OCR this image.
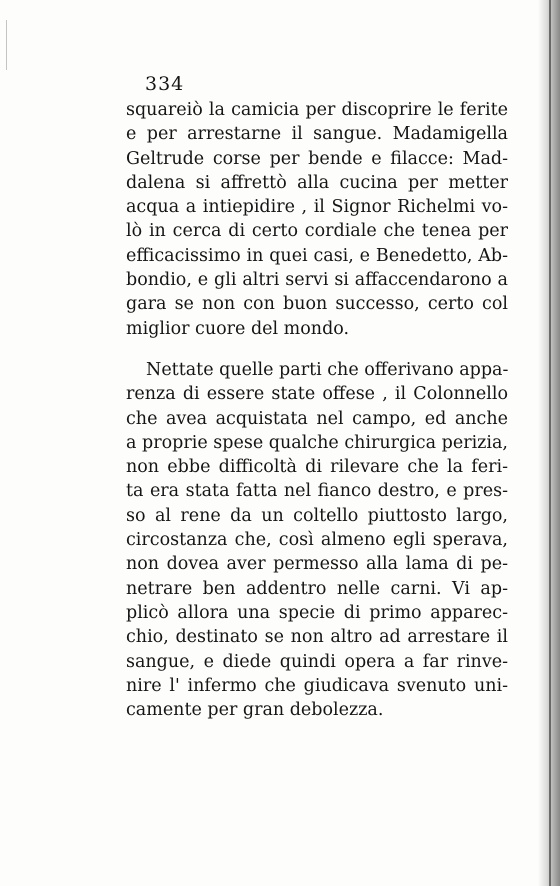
334
squareiò la camicia per discoprire le ferite
e per arrestarne il sangue. Madamigella
Geltrude corse per bende e filacce: Mad-
dalena si affrettò alla cucina per metter
acqua a intiepidire , il Signor Richelmi vo-
lò in cerca di certo cordiale che tenea per
efficacissimo in quei casi, e Benedetto, Ab-
bondio, e gli altri servi si affaccendarono a
gara se non con buon successo, certo col
miglior cuore del mondo.
Nettate quelle parti che offerivano appa-
renza di essere state offese , il Colonnello
che avea acquistata nel campo, ed anche
a proprie spese qualche chirurgica perizia,
non ebbe difficoltà di rilevare che la feri-
ta era stata fatta nel fianco destro, e pres-
so al rene da un coltello piuttosto largo,
circostanza che, così almeno egli sperava,
non dovea aver permesso alla lama di pe-
netrare ben addentro nelle carni. Vi ap-
plicò allora una specie di primo apparec-
chio, destinato se non altro ad arrestare il
sangue, e diede quindi opera a far rinve-
nire l' infermo che giudicava svenuto uni-
camente per gran debolezza.
